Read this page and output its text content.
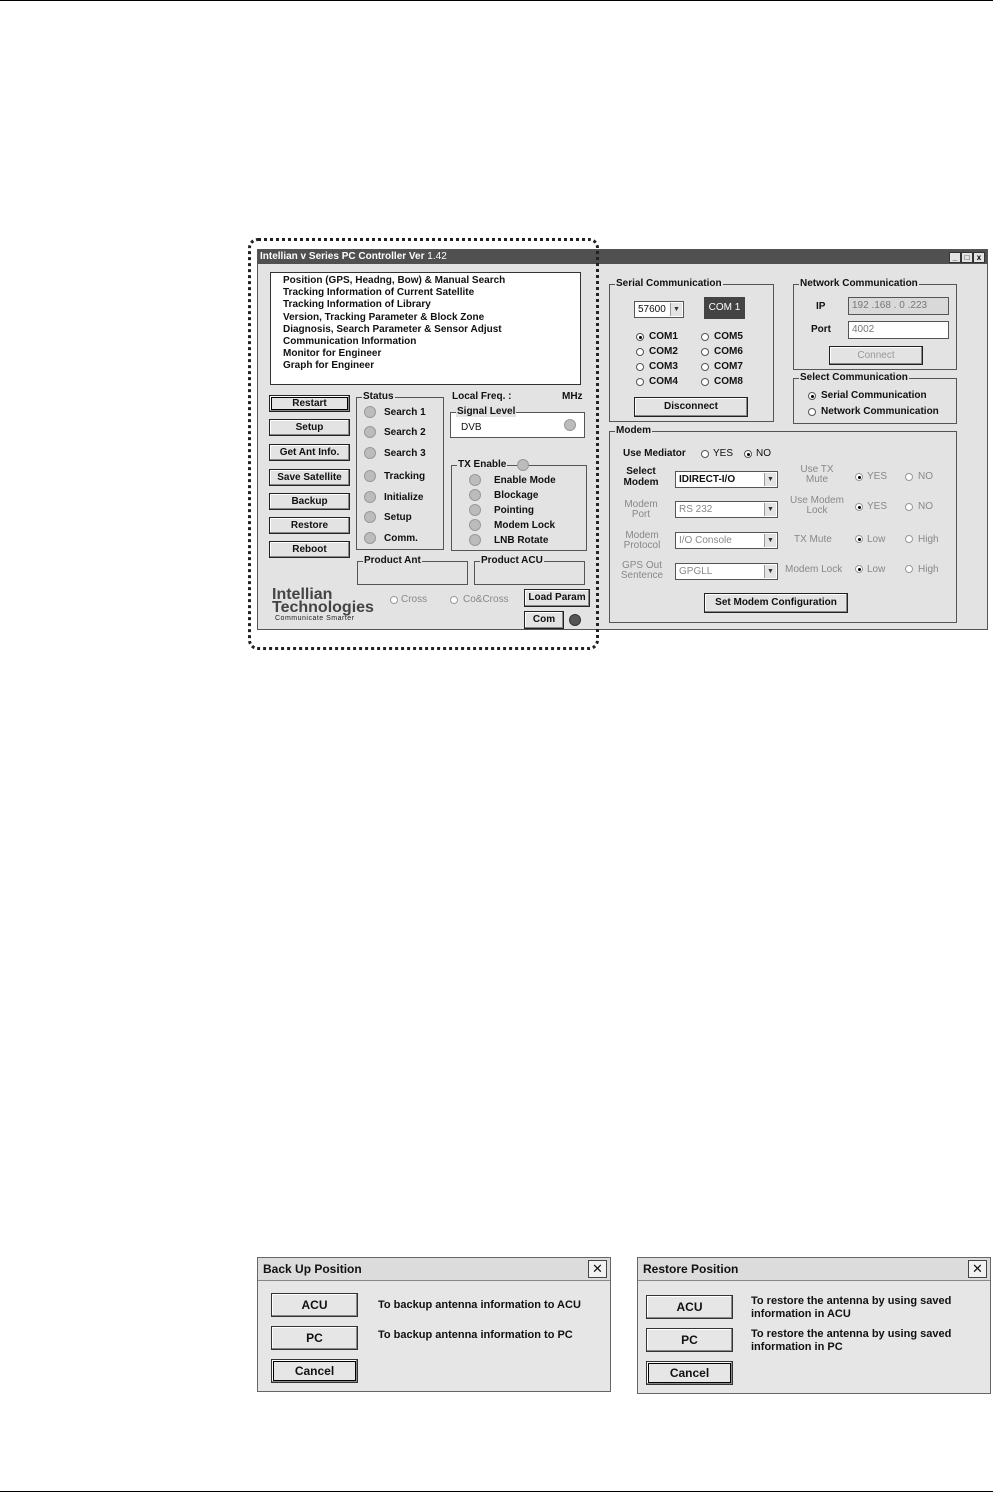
Intellian v Series PC Controller Ver 1.42	_ □ x
Position (GPS, Headng, Bow) & Manual Search
Tracking Information of Current Satellite
Tracking Information of Library
Version, Tracking Parameter & Block Zone
Diagnosis, Search Parameter & Sensor Adjust
Communication Information
Monitor for Engineer
Graph for Engineer
Restart
Setup
Get Ant Info.
Save Satellite
Backup
Restore
Reboot
Status
Search 1
Search 2
Search 3
Tracking
Initialize
Setup
Comm.
Local Freq. :	MHz
Signal Level
DVB
TX Enable
Enable Mode
Blockage
Pointing
Modem Lock
LNB Rotate
Product Ant	Product ACU
Intellian
Technologies
Communicate Smarter
Cross	Co&Cross	Load Param
Com
Serial Communication
57600	▼	COM 1
COM1	COM5
COM2	COM6
COM3	COM7
COM4	COM8
Disconnect
Network Communication
IP	192 .168 . 0 .223
Port	4002
Connect
Select Communication
Serial Communication
Network Communication
Modem
Use Mediator	YES NO
Select Modem	IDIRECT-I/O	▼
Modem Port	RS 232	▼
Modem Protocol	I/O Console	▼
GPS Out Sentence	GPGLL	▼
Use TX Mute	YES	NO
Use Modem Lock	YES	NO
TX Mute	Low	High
Modem Lock Low	High
Set Modem Configuration
Back Up Position	✕
ACU	To backup antenna information to ACU
PC	To backup antenna information to PC
Cancel
Restore Position	✕
ACU	To restore the antenna by using saved information in ACU
PC	To restore the antenna by using saved information in PC
Cancel
